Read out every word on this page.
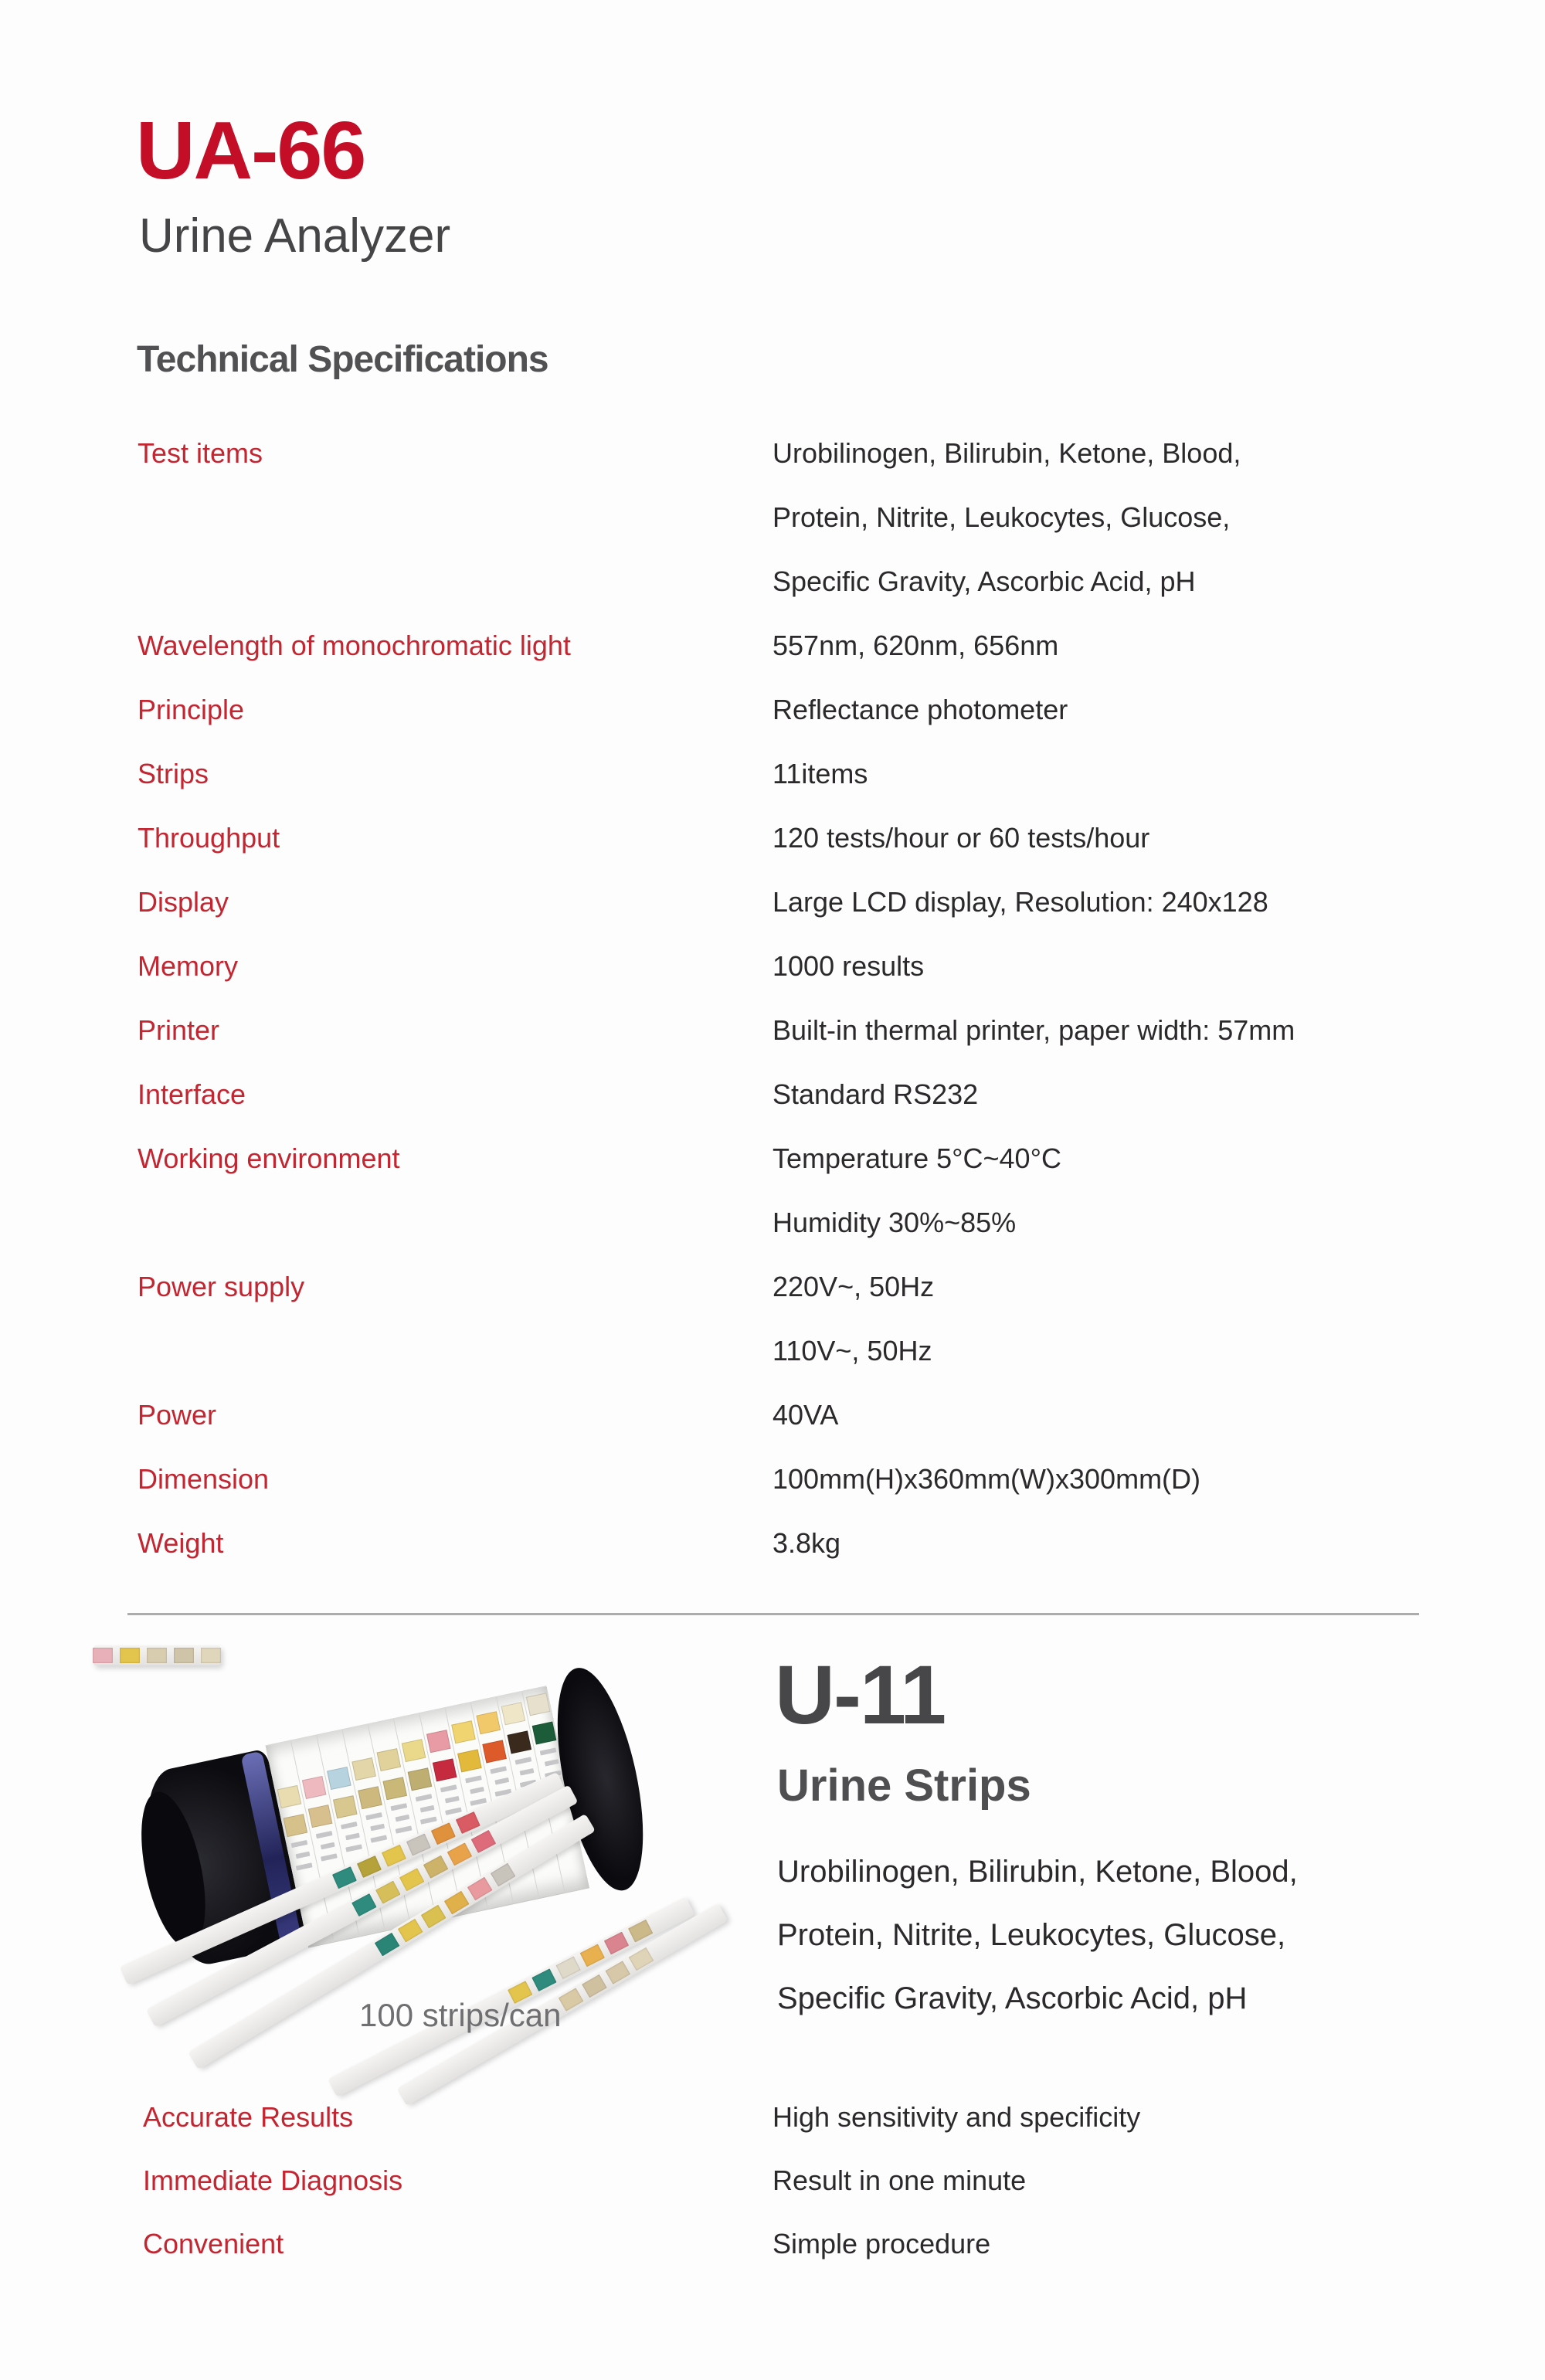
UA-66
Urine Analyzer
Technical Specifications
Test items	Urobilinogen, Bilirubin, Ketone, Blood,
Protein, Nitrite, Leukocytes, Glucose,
Specific Gravity, Ascorbic Acid, pH
Wavelength of monochromatic light	557nm, 620nm, 656nm
Principle	Reflectance photometer
Strips	11items
Throughput	120 tests/hour or 60 tests/hour
Display	Large LCD display, Resolution: 240x128
Memory	1000 results
Printer	Built-in thermal printer, paper width: 57mm
Interface	Standard RS232
Working environment	Temperature 5°C~40°C
Humidity 30%~85%
Power supply	220V~, 50Hz
110V~, 50Hz
Power	40VA
Dimension	100mm(H)x360mm(W)x300mm(D)
Weight	3.8kg
100 strips/can
U-11
Urine Strips
Urobilinogen, Bilirubin, Ketone, Blood,
Protein, Nitrite, Leukocytes, Glucose,
Specific Gravity, Ascorbic Acid, pH
Accurate Results	High sensitivity and specificity
Immediate Diagnosis	Result in one minute
Convenient	Simple procedure
